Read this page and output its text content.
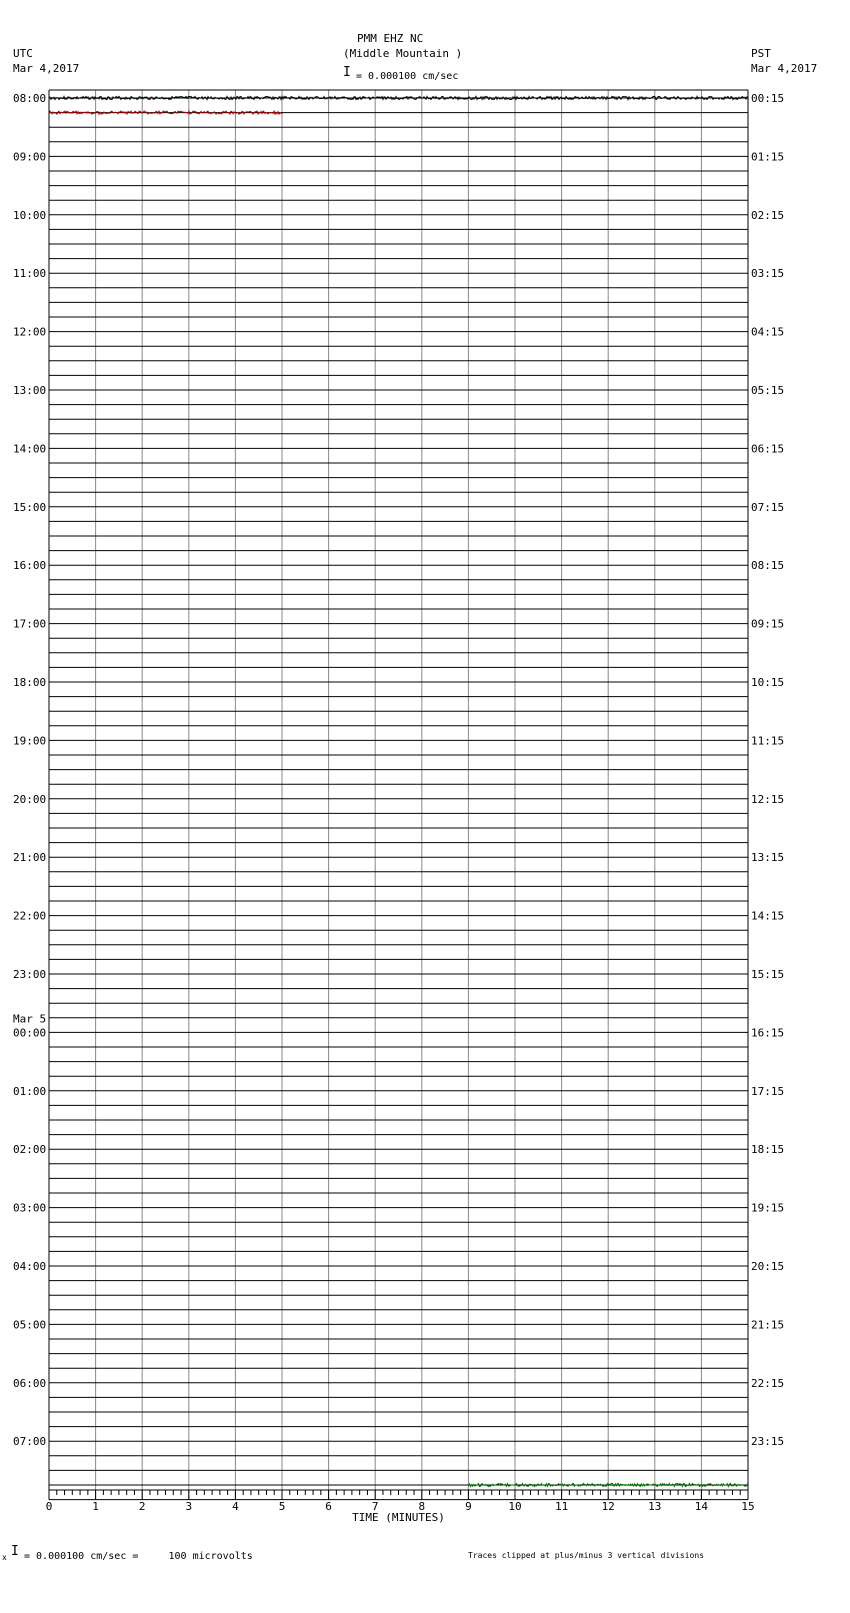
PMM EHZ NC
(Middle Mountain )
I = 0.000100 cm/sec
UTC
Mar 4,2017
PST
Mar 4,2017
08:00	00:15
09:00	01:15
10:00	02:15
11:00	03:15
12:00	04:15
13:00	05:15
14:00	06:15
15:00	07:15
16:00	08:15
17:00	09:15
18:00	10:15
19:00	11:15
20:00	12:15
21:00	13:15
22:00	14:15
23:00	15:15
00:00	16:15
Mar 5
01:00	17:15
02:00	18:15
03:00	19:15
04:00	20:15
05:00	21:15
06:00	22:15
07:00	23:15
0	1	2	3	4	5	6	7	8	9	10	11	12	13	14	15
TIME (MINUTES)
x I = 0.000100 cm/sec =     100 microvolts	Traces clipped at plus/minus 3 vertical divisions
